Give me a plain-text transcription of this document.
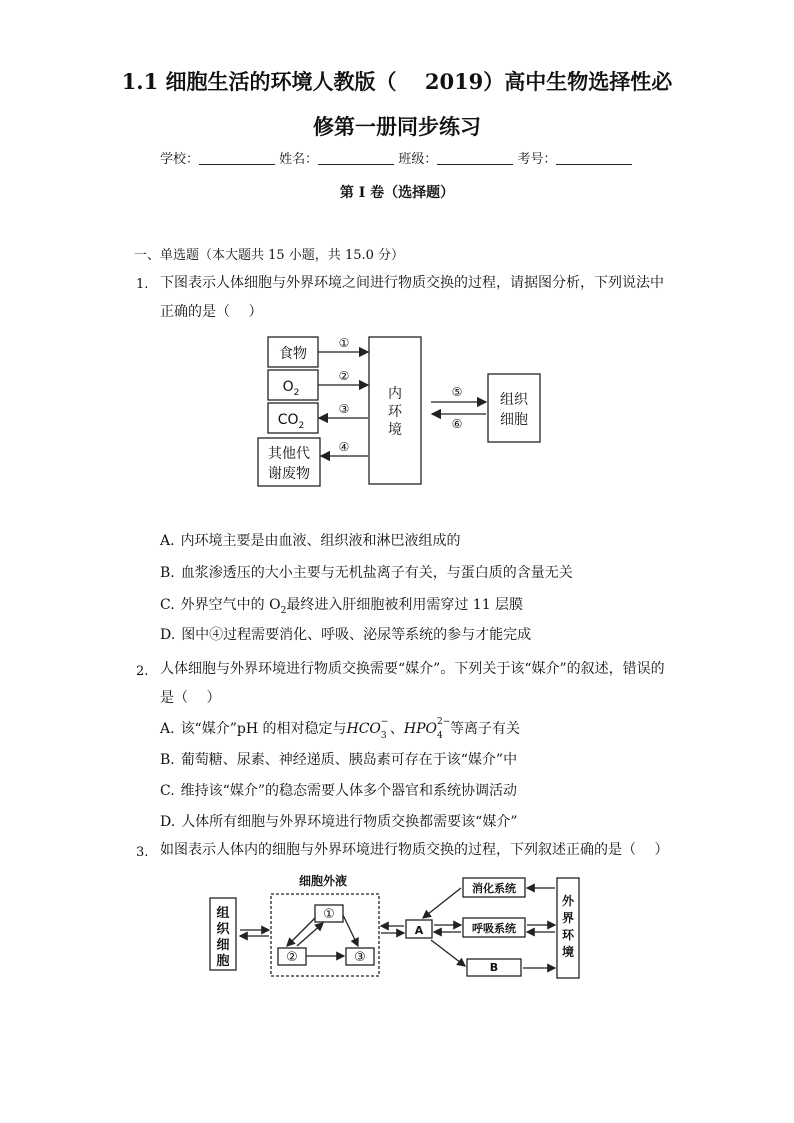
1.1 细胞生活的环境人教版（　 2019）高中生物选择性必
修第一册同步练习
学校：	姓名：	班级：	考号：
第 I 卷（选择题）
一、单选题（本大题共 15 小题，共 15.0 分）
1. 下图表示人体细胞与外界环境之间进行物质交换的过程，请据图分析，下列说法中正确的是（　 ）
食物
$O_2$
$CO_2$
其他代
谢废物
内
环
境
组织
细胞
①
②
③
④
⑤
⑥
A. 内环境主要是由血液、组织液和淋巴液组成的
B. 血浆渗透压的大小主要与无机盐离子有关，与蛋白质的含量无关
C. 外界空气中的 $O_2$最终进入肝细胞被利用需穿过 11 层膜
D. 图中④过程需要消化、呼吸、泌尿等系统的参与才能完成
2. 人体细胞与外界环境进行物质交换需要“媒介”。下列关于该“媒介”的叙述，错误的是（　 ）
A. 该“媒介”pH 的相对稳定与HCO −
3 、HPO 2−
4 等离子有关
B. 葡萄糖、尿素、神经递质、胰岛素可存在于该“媒介”中
C. 维持该“媒介”的稳态需要人体多个器官和系统协调活动
D. 人体所有细胞与外界环境进行物质交换都需要该“媒介”
3. 如图表示人体内的细胞与外界环境进行物质交换的过程，下列叙述正确的是（　 ）
细胞外液
组
织
细
胞
①
②	③
A
B
消化系统
呼吸系统
外
界
环
境
